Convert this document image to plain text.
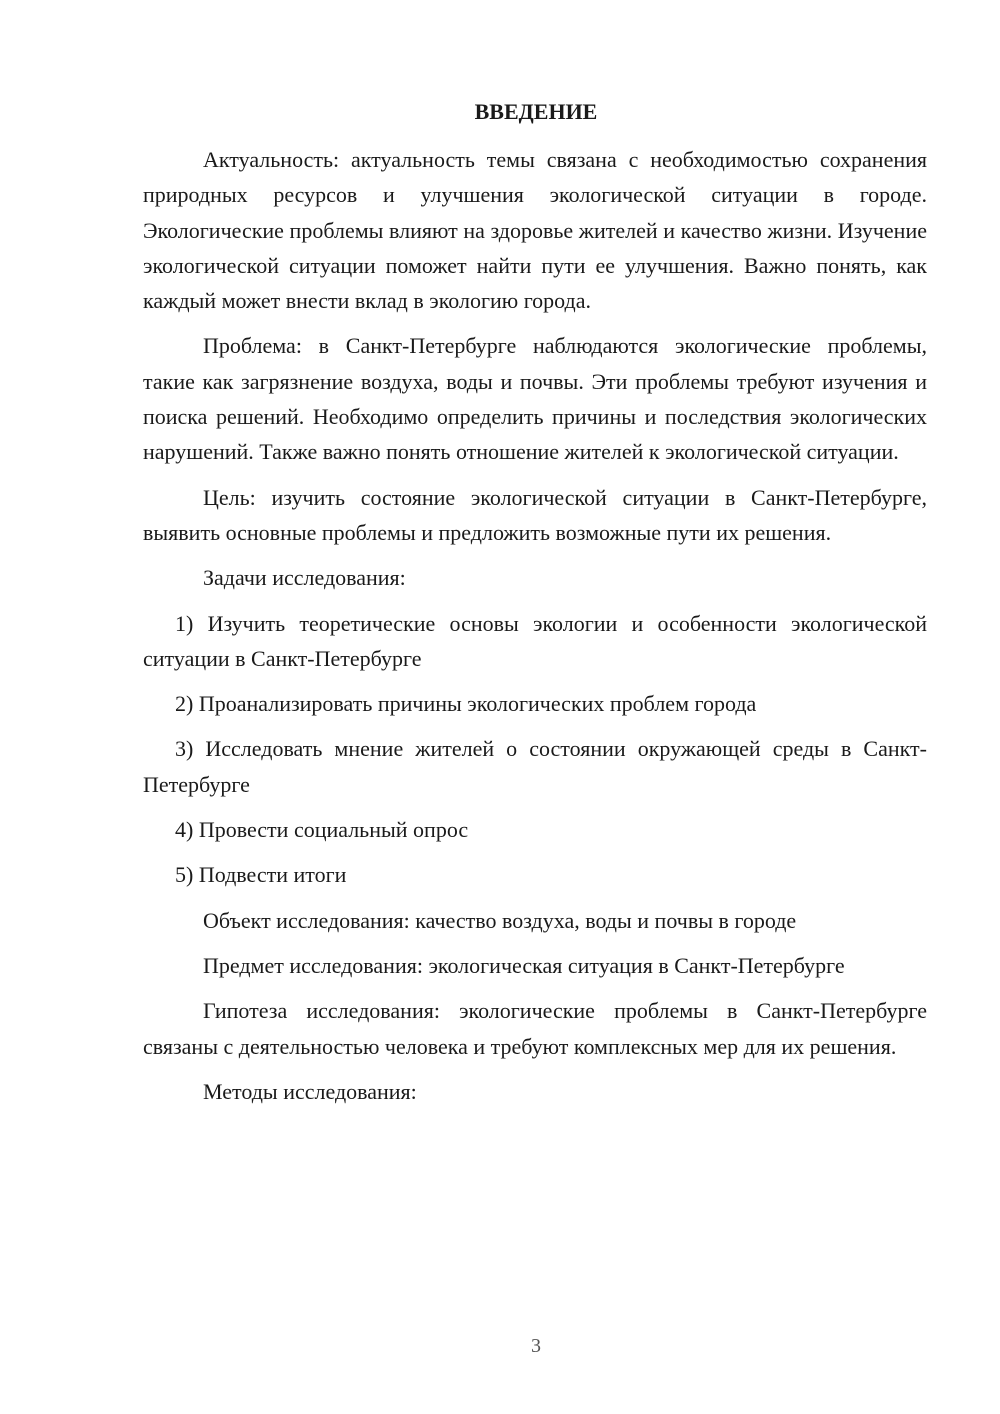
ВВЕДЕНИЕ

Актуальность: актуальность темы связана с необходимостью сохранения природных ресурсов и улучшения экологической ситуации в городе. Экологические проблемы влияют на здоровье жителей и качество жизни. Изучение экологической ситуации поможет найти пути ее улучшения. Важно понять, как каждый может внести вклад в экологию города.

Проблема: в Санкт-Петербурге наблюдаются экологические проблемы, такие как загрязнение воздуха, воды и почвы. Эти проблемы требуют изучения и поиска решений. Необходимо определить причины и последствия экологических нарушений. Также важно понять отношение жителей к экологической ситуации.

Цель: изучить состояние экологической ситуации в Санкт-Петербурге, выявить основные проблемы и предложить возможные пути их решения.

Задачи исследования:

1) Изучить теоретические основы экологии и особенности экологической ситуации в Санкт-Петербурге

2) Проанализировать причины экологических проблем города

3) Исследовать мнение жителей о состоянии окружающей среды в Санкт-Петербурге

4) Провести социальный опрос

5) Подвести итоги

Объект исследования: качество воздуха, воды и почвы в городе

Предмет исследования: экологическая ситуация в Санкт-Петербурге

Гипотеза исследования: экологические проблемы в Санкт-Петербурге связаны с деятельностью человека и требуют комплексных мер для их решения.

Методы исследования:

3
